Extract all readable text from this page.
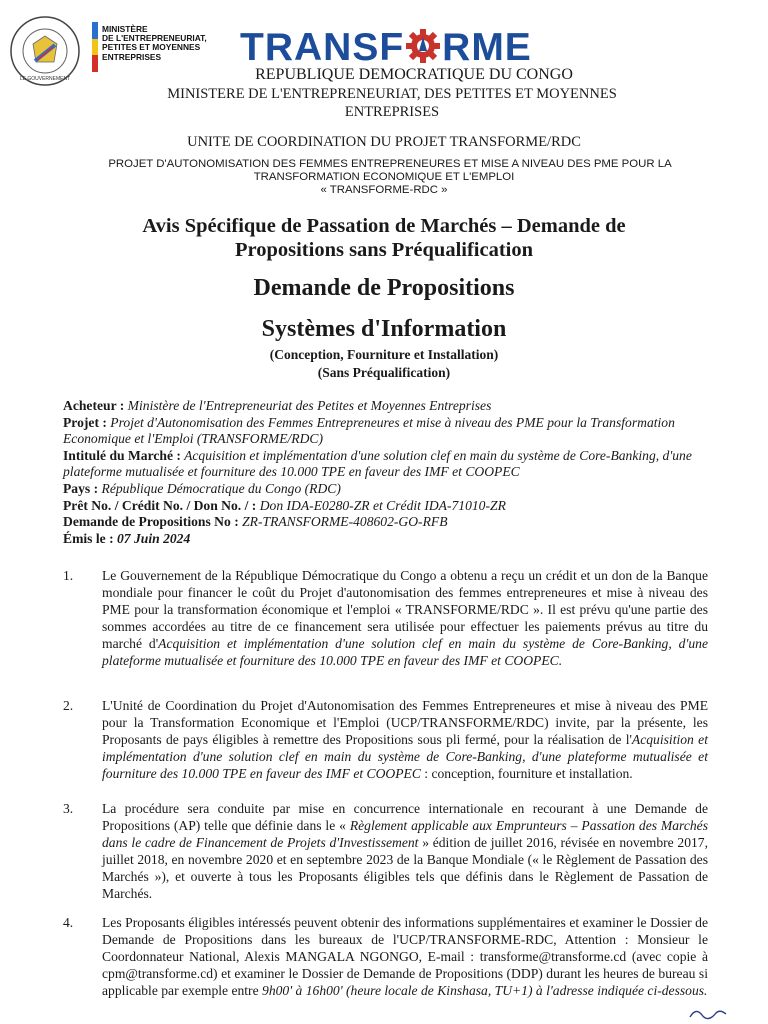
LE GOUVERNEMENT
MINISTÈRE
DE L'ENTREPRENEURIAT,
PETITES ET MOYENNES
ENTREPRISES	TRANSF RME
REPUBLIQUE DEMOCRATIQUE DU CONGO
MINISTERE DE L'ENTREPRENEURIAT, DES PETITES ET MOYENNES
ENTREPRISES
UNITE DE COORDINATION DU PROJET TRANSFORME/RDC
PROJET D'AUTONOMISATION DES FEMMES ENTREPRENEURES ET MISE A NIVEAU DES PME POUR LA
TRANSFORMATION ECONOMIQUE ET L'EMPLOI
« TRANSFORME-RDC »
Avis Spécifique de Passation de Marchés – Demande de
Propositions sans Préqualification
Demande de Propositions
Systèmes d'Information
(Conception, Fourniture et Installation)
(Sans Préqualification)
Acheteur : Ministère de l'Entrepreneuriat des Petites et Moyennes Entreprises
Projet : Projet d'Autonomisation des Femmes Entrepreneures et mise à niveau des PME pour la Transformation Economique et l'Emploi (TRANSFORME/RDC)
Intitulé du Marché : Acquisition et implémentation d'une solution clef en main du système de Core-Banking, d'une plateforme mutualisée et fourniture des 10.000 TPE en faveur des IMF et COOPEC
Pays : République Démocratique du Congo (RDC)
Prêt No. / Crédit No. / Don No. / : Don IDA-E0280-ZR et Crédit IDA-71010-ZR
Demande de Propositions No : ZR-TRANSFORME-408602-GO-RFB
Émis le : 07 Juin 2024
1. Le Gouvernement de la République Démocratique du Congo a obtenu a reçu un crédit et un don de la Banque mondiale pour financer le coût du Projet d'autonomisation des femmes entrepreneures et mise à niveau des PME pour la transformation économique et l'emploi « TRANSFORME/RDC ». Il est prévu qu'une partie des sommes accordées au titre de ce financement sera utilisée pour effectuer les paiements prévus au titre du marché d'Acquisition et implémentation d'une solution clef en main du système de Core-Banking, d'une plateforme mutualisée et fourniture des 10.000 TPE en faveur des IMF et COOPEC.
2. L'Unité de Coordination du Projet d'Autonomisation des Femmes Entrepreneures et mise à niveau des PME pour la Transformation Economique et l'Emploi (UCP/TRANSFORME/RDC) invite, par la présente, les Proposants de pays éligibles à remettre des Propositions sous pli fermé, pour la réalisation de l'Acquisition et implémentation d'une solution clef en main du système de Core-Banking, d'une plateforme mutualisée et fourniture des 10.000 TPE en faveur des IMF et COOPEC : conception, fourniture et installation.
3. La procédure sera conduite par mise en concurrence internationale en recourant à une Demande de Propositions (AP) telle que définie dans le « Règlement applicable aux Emprunteurs – Passation des Marchés dans le cadre de Financement de Projets d'Investissement » édition de juillet 2016, révisée en novembre 2017, juillet 2018, en novembre 2020 et en septembre 2023 de la Banque Mondiale (« le Règlement de Passation des Marchés »), et ouverte à tous les Proposants éligibles tels que définis dans le Règlement de Passation de Marchés.
4. Les Proposants éligibles intéressés peuvent obtenir des informations supplémentaires et examiner le Dossier de Demande de Propositions dans les bureaux de l'UCP/TRANSFORME-RDC, Attention : Monsieur le Coordonnateur National, Alexis MANGALA NGONGO, E-mail : transforme@transforme.cd (avec copie à cpm@transforme.cd) et examiner le Dossier de Demande de Propositions (DDP) durant les heures de bureau si applicable par exemple entre 9h00' à 16h00' (heure locale de Kinshasa, TU+1) à l'adresse indiquée ci-dessous.
